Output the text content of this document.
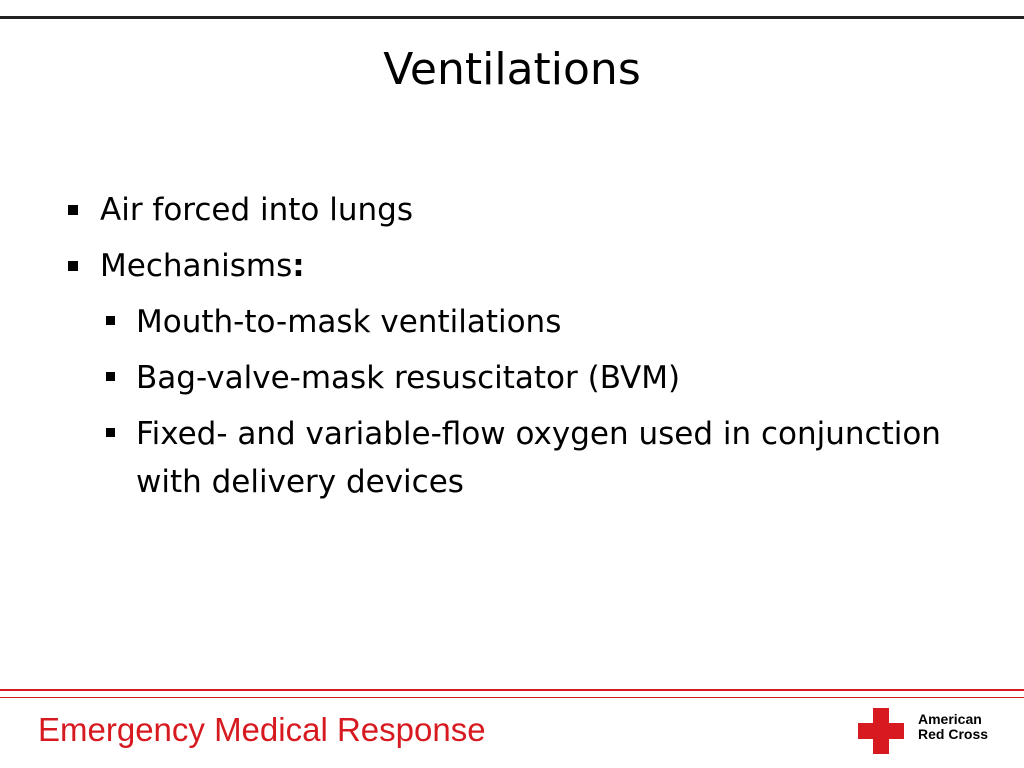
Ventilations
Air forced into lungs
Mechanisms:
Mouth-to-mask ventilations
Bag-valve-mask resuscitator (BVM)
Fixed- and variable-flow oxygen used in conjunction with delivery devices
Emergency Medical Response	American
Red Cross
